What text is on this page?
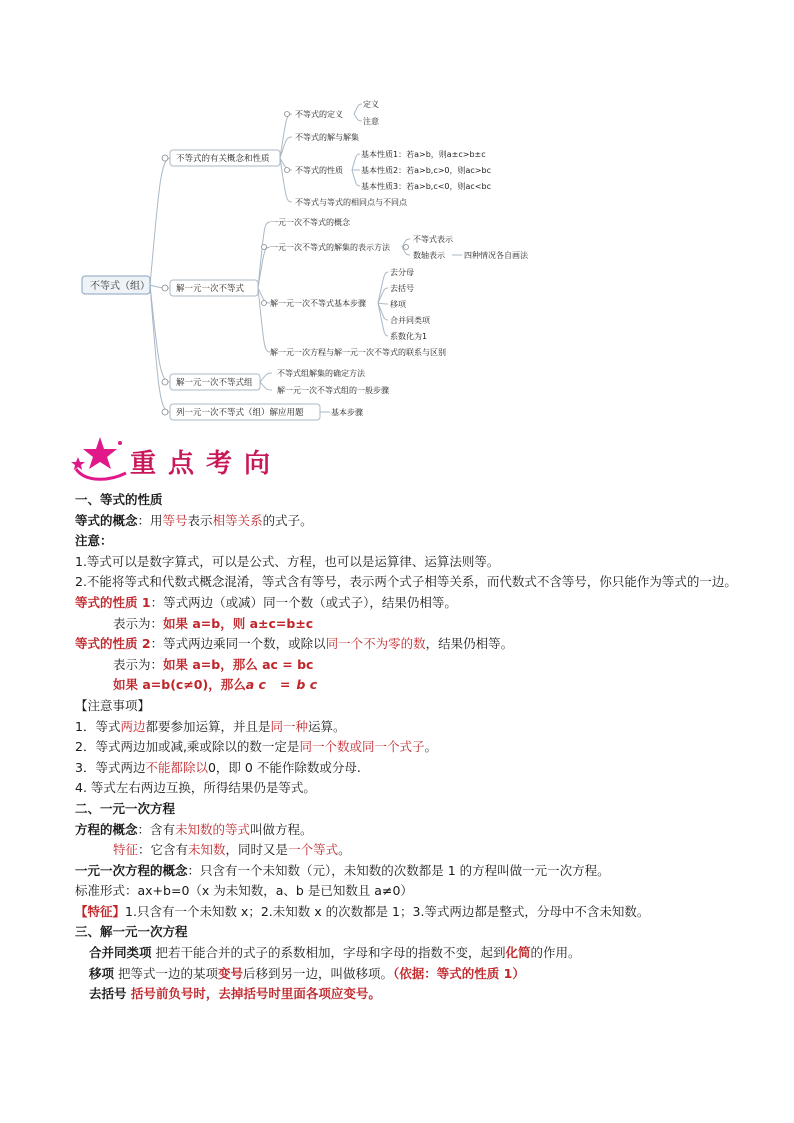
不等式（组）
不等式的有关概念和性质
解一元一次不等式
解一元一次不等式组
列一元一次不等式（组）解应用题
不等式的定义
不等式的解与解集
不等式的性质
不等式与等式的相同点与不同点
定义
注意
基本性质1：若a>b，则a±c>b±c
基本性质2：若a>b,c>0，则ac>bc
基本性质3：若a>b,c<0，则ac<bc
一元一次不等式的概念
一元一次不等式的解集的表示方法
解一元一次不等式基本步骤
解一元一次方程与解一元一次不等式的联系与区别
不等式表示
数轴表示 四种情况各自画法
去分母
去括号
移项
合并同类项
系数化为1
不等式组解集的确定方法
解一元一次不等式组的一般步骤
基本步骤
重点考向
一、等式的性质
等式的概念：用等号表示相等关系的式子。
注意：
1.等式可以是数字算式，可以是公式、方程，也可以是运算律、运算法则等。
2.不能将等式和代数式概念混淆，等式含有等号，表示两个式子相等关系，而代数式不含等号，你只能作为等式的一边。
等式的性质 1：等式两边（或减）同一个数（或式子），结果仍相等。
表示为：如果 a=b，则 a±c=b±c
等式的性质 2：等式两边乘同一个数，或除以同一个不为零的数，结果仍相等。
表示为：如果 a=b，那么 ac = bc
如果 a=b(c≠0)，那么a c = b c
【注意事项】
1．等式两边都要参加运算，并且是同一种运算。
2．等式两边加或减,乘或除以的数一定是同一个数或同一个式子。
3．等式两边不能都除以0，即 0 不能作除数或分母.
4. 等式左右两边互换，所得结果仍是等式。
二、一元一次方程
方程的概念：含有未知数的等式叫做方程。
特征：它含有未知数，同时又是一个等式。
一元一次方程的概念：只含有一个未知数（元），未知数的次数都是 1 的方程叫做一元一次方程。
标准形式：ax+b=0（x 为未知数，a、b 是已知数且 a≠0）
【特征】1.只含有一个未知数 x；2.未知数 x 的次数都是 1；3.等式两边都是整式，分母中不含未知数。
三、解一元一次方程
合并同类项 把若干能合并的式子的系数相加，字母和字母的指数不变，起到化简的作用。
移项 把等式一边的某项变号后移到另一边，叫做移项。（依据：等式的性质 1）
去括号 括号前负号时，去掉括号时里面各项应变号。
